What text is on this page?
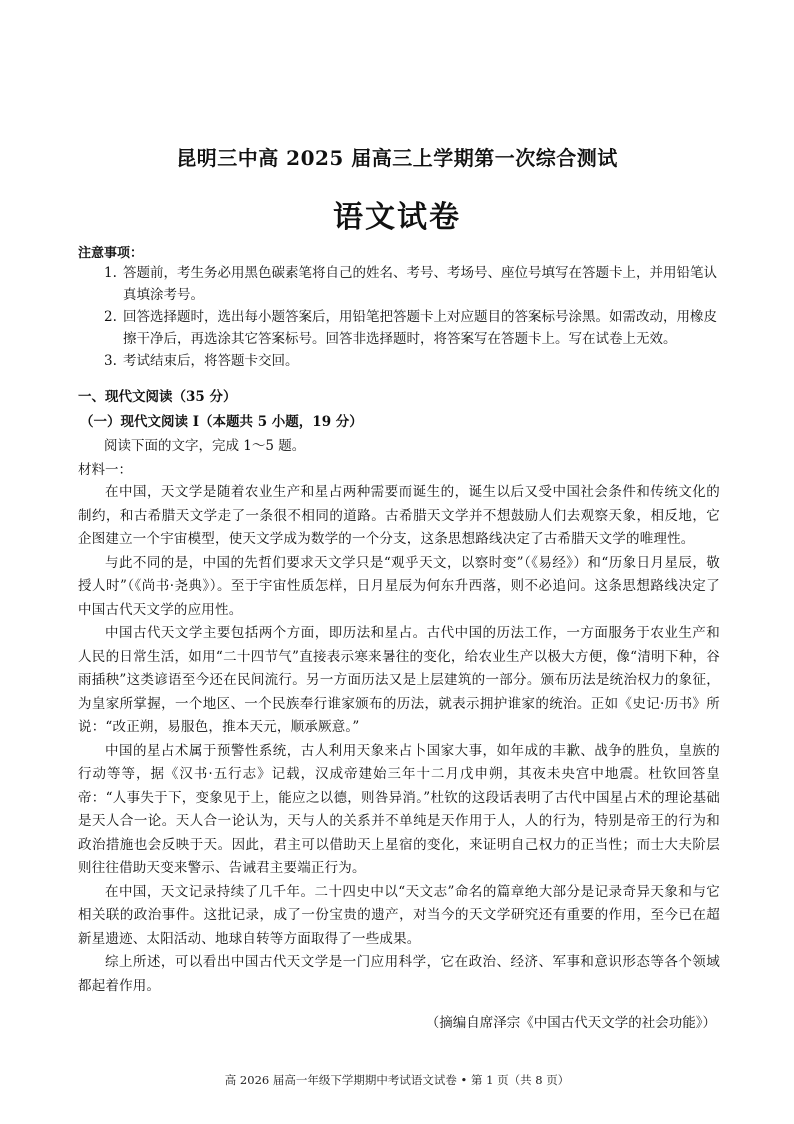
昆明三中高 2025 届高三上学期第一次综合测试
语文试卷
注意事项：
1. 答题前，考生务必用黑色碳素笔将自己的姓名、考号、考场号、座位号填写在答题卡上，并用铅笔认真填涂考号。
2. 回答选择题时，选出每小题答案后，用铅笔把答题卡上对应题目的答案标号涂黑。如需改动，用橡皮擦干净后，再选涂其它答案标号。回答非选择题时，将答案写在答题卡上。写在试卷上无效。
3. 考试结束后，将答题卡交回。
一、现代文阅读（35 分）
（一）现代文阅读 I（本题共 5 小题，19 分）
阅读下面的文字，完成 1～5 题。
材料一：

在中国，天文学是随着农业生产和星占两种需要而诞生的，诞生以后又受中国社会条件和传统文化的制约，和古希腊天文学走了一条很不相同的道路。古希腊天文学并不想鼓励人们去观察天象，相反地，它企图建立一个宇宙模型，使天文学成为数学的一个分支，这条思想路线决定了古希腊天文学的唯理性。

与此不同的是，中国的先哲们要求天文学只是“观乎天文，以察时变”（《易经》）和“历象日月星辰，敬授人时”（《尚书·尧典》）。至于宇宙性质怎样，日月星辰为何东升西落，则不必追问。这条思想路线决定了中国古代天文学的应用性。

中国古代天文学主要包括两个方面，即历法和星占。古代中国的历法工作，一方面服务于农业生产和人民的日常生活，如用“二十四节气”直接表示寒来暑往的变化，给农业生产以极大方便，像“清明下种，谷雨插秧”这类谚语至今还在民间流行。另一方面历法又是上层建筑的一部分。颁布历法是统治权力的象征，为皇家所掌握，一个地区、一个民族奉行谁家颁布的历法，就表示拥护谁家的统治。正如《史记·历书》所说：“改正朔，易服色，推本天元，顺承厥意。”

中国的星占术属于预警性系统，古人利用天象来占卜国家大事，如年成的丰歉、战争的胜负，皇族的行动等等，据《汉书·五行志》记载，汉成帝建始三年十二月戊申朔，其夜未央宫中地震。杜钦回答皇帝：“人事失于下，变象见于上，能应之以德，则咎异消。”杜钦的这段话表明了古代中国星占术的理论基础是天人合一论。天人合一论认为，天与人的关系并不单纯是天作用于人，人的行为，特别是帝王的行为和政治措施也会反映于天。因此，君主可以借助天上星宿的变化，来证明自己权力的正当性；而士大夫阶层则往往借助天变来警示、告诫君主要端正行为。

在中国，天文记录持续了几千年。二十四史中以“天文志”命名的篇章绝大部分是记录奇异天象和与它相关联的政治事件。这批记录，成了一份宝贵的遗产，对当今的天文学研究还有重要的作用，至今已在超新星遗迹、太阳活动、地球自转等方面取得了一些成果。

综上所述，可以看出中国古代天文学是一门应用科学，它在政治、经济、军事和意识形态等各个领域都起着作用。

（摘编自席泽宗《中国古代天文学的社会功能》）
高 2026 届高一年级下学期期中考试语文试卷 • 第 1 页（共 8 页）
